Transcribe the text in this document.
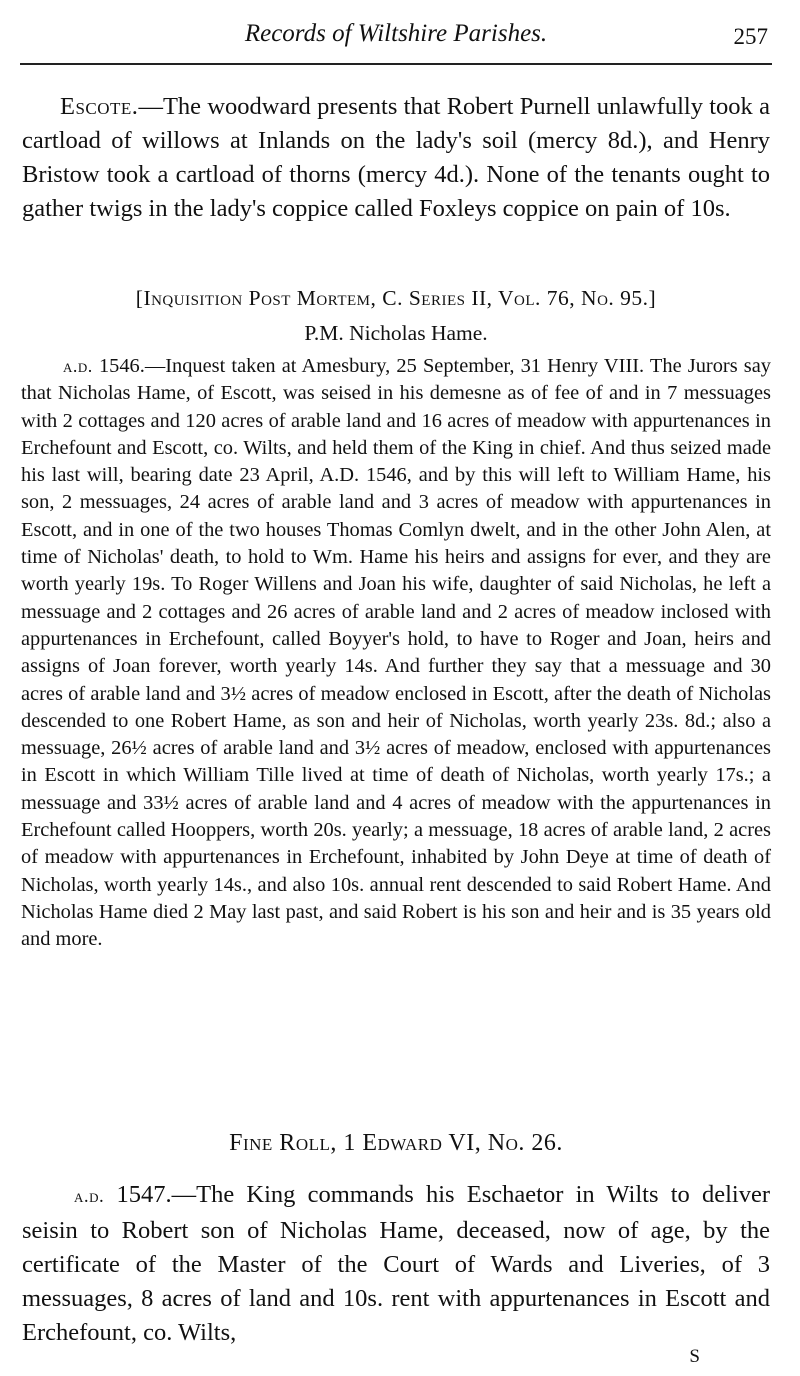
Records of Wiltshire Parishes.	257
Escote.—The woodward presents that Robert Purnell unlawfully took a cartload of willows at Inlands on the lady's soil (mercy 8d.), and Henry Bristow took a cartload of thorns (mercy 4d.). None of the tenants ought to gather twigs in the lady's coppice called Foxleys coppice on pain of 10s.
[Inquisition Post Mortem, C. Series II, Vol. 76, No. 95.]
P.M. Nicholas Hame.
a.d. 1546.—Inquest taken at Amesbury, 25 September, 31 Henry VIII. The Jurors say that Nicholas Hame, of Escott, was seised in his demesne as of fee of and in 7 messuages with 2 cottages and 120 acres of arable land and 16 acres of meadow with appurtenances in Erchefount and Escott, co. Wilts, and held them of the King in chief. And thus seized made his last will, bearing date 23 April, A.D. 1546, and by this will left to William Hame, his son, 2 messuages, 24 acres of arable land and 3 acres of meadow with appurtenances in Escott, and in one of the two houses Thomas Comlyn dwelt, and in the other John Alen, at time of Nicholas' death, to hold to Wm. Hame his heirs and assigns for ever, and they are worth yearly 19s. To Roger Willens and Joan his wife, daughter of said Nicholas, he left a messuage and 2 cottages and 26 acres of arable land and 2 acres of meadow inclosed with appurtenances in Erchefount, called Boyyer's hold, to have to Roger and Joan, heirs and assigns of Joan forever, worth yearly 14s. And further they say that a messuage and 30 acres of arable land and 3½ acres of meadow enclosed in Escott, after the death of Nicholas descended to one Robert Hame, as son and heir of Nicholas, worth yearly 23s. 8d.; also a messuage, 26½ acres of arable land and 3½ acres of meadow, enclosed with appurtenances in Escott in which William Tille lived at time of death of Nicholas, worth yearly 17s.; a messuage and 33½ acres of arable land and 4 acres of meadow with the appurtenances in Erchefount called Hooppers, worth 20s. yearly; a messuage, 18 acres of arable land, 2 acres of meadow with appurtenances in Erchefount, inhabited by John Deye at time of death of Nicholas, worth yearly 14s., and also 10s. annual rent descended to said Robert Hame. And Nicholas Hame died 2 May last past, and said Robert is his son and heir and is 35 years old and more.
Fine Roll, 1 Edward VI, No. 26.
a.d. 1547.—The King commands his Eschaetor in Wilts to deliver seisin to Robert son of Nicholas Hame, deceased, now of age, by the certificate of the Master of the Court of Wards and Liveries, of 3 messuages, 8 acres of land and 10s. rent with appurtenances in Escott and Erchefount, co. Wilts,
S
